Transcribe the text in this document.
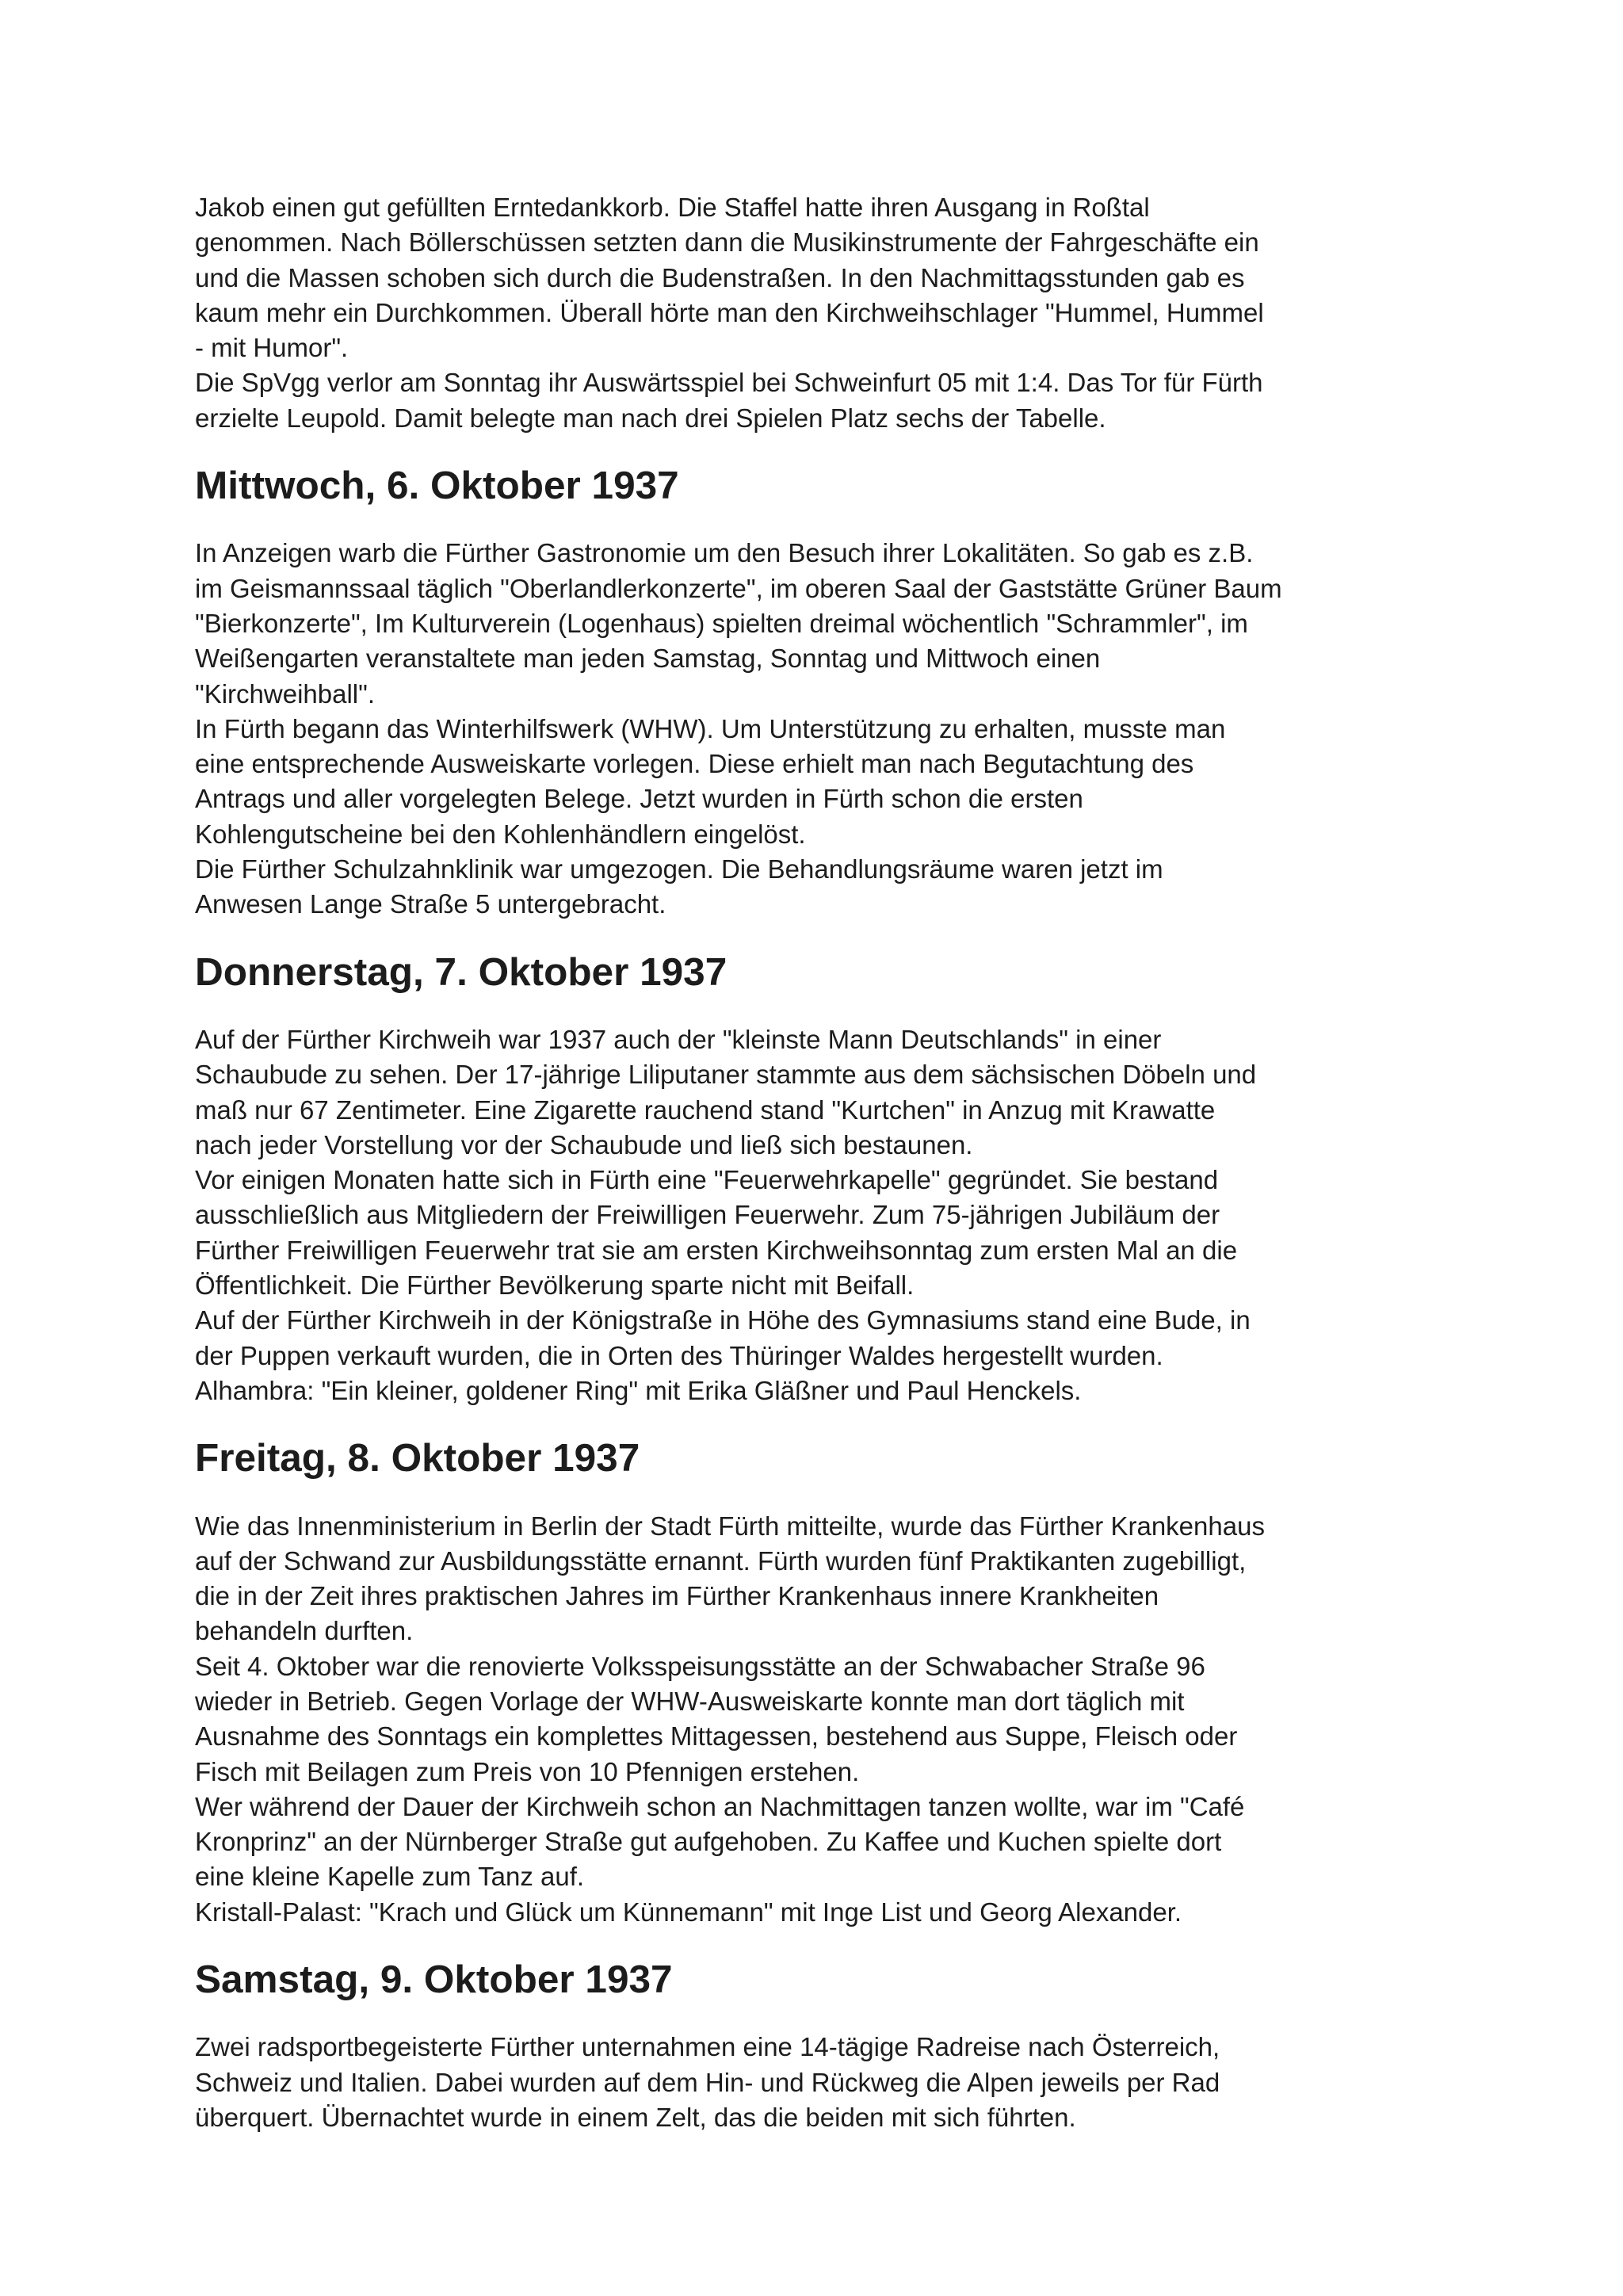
Jakob einen gut gefüllten Erntedankkorb. Die Staffel hatte ihren Ausgang in Roßtal
genommen. Nach Böllerschüssen setzten dann die Musikinstrumente der Fahrgeschäfte ein
und die Massen schoben sich durch die Budenstraßen. In den Nachmittagsstunden gab es
kaum mehr ein Durchkommen. Überall hörte man den Kirchweihschlager "Hummel, Hummel
- mit Humor".

Die SpVgg verlor am Sonntag ihr Auswärtsspiel bei Schweinfurt 05 mit 1:4. Das Tor für Fürth
erzielte Leupold. Damit belegte man nach drei Spielen Platz sechs der Tabelle.

Mittwoch, 6. Oktober 1937

In Anzeigen warb die Fürther Gastronomie um den Besuch ihrer Lokalitäten. So gab es z.B.
im Geismannssaal täglich "Oberlandlerkonzerte", im oberen Saal der Gaststätte Grüner Baum
"Bierkonzerte", Im Kulturverein (Logenhaus) spielten dreimal wöchentlich "Schrammler", im
Weißengarten veranstaltete man jeden Samstag, Sonntag und Mittwoch einen
"Kirchweihball".

In Fürth begann das Winterhilfswerk (WHW). Um Unterstützung zu erhalten, musste man
eine entsprechende Ausweiskarte vorlegen. Diese erhielt man nach Begutachtung des
Antrags und aller vorgelegten Belege. Jetzt wurden in Fürth schon die ersten
Kohlengutscheine bei den Kohlenhändlern eingelöst.

Die Fürther Schulzahnklinik war umgezogen. Die Behandlungsräume waren jetzt im
Anwesen Lange Straße 5 untergebracht.

Donnerstag, 7. Oktober 1937

Auf der Fürther Kirchweih war 1937 auch der "kleinste Mann Deutschlands" in einer
Schaubude zu sehen. Der 17-jährige Liliputaner stammte aus dem sächsischen Döbeln und
maß nur 67 Zentimeter. Eine Zigarette rauchend stand "Kurtchen" in Anzug mit Krawatte
nach jeder Vorstellung vor der Schaubude und ließ sich bestaunen.

Vor einigen Monaten hatte sich in Fürth eine "Feuerwehrkapelle" gegründet. Sie bestand
ausschließlich aus Mitgliedern der Freiwilligen Feuerwehr. Zum 75-jährigen Jubiläum der
Fürther Freiwilligen Feuerwehr trat sie am ersten Kirchweihsonntag zum ersten Mal an die
Öffentlichkeit. Die Fürther Bevölkerung sparte nicht mit Beifall.

Auf der Fürther Kirchweih in der Königstraße in Höhe des Gymnasiums stand eine Bude, in
der Puppen verkauft wurden, die in Orten des Thüringer Waldes hergestellt wurden.

Alhambra: "Ein kleiner, goldener Ring" mit Erika Gläßner und Paul Henckels.

Freitag, 8. Oktober 1937

Wie das Innenministerium in Berlin der Stadt Fürth mitteilte, wurde das Fürther Krankenhaus
auf der Schwand zur Ausbildungsstätte ernannt. Fürth wurden fünf Praktikanten zugebilligt,
die in der Zeit ihres praktischen Jahres im Fürther Krankenhaus innere Krankheiten
behandeln durften.

Seit 4. Oktober war die renovierte Volksspeisungsstätte an der Schwabacher Straße 96
wieder in Betrieb. Gegen Vorlage der WHW-Ausweiskarte konnte man dort täglich mit
Ausnahme des Sonntags ein komplettes Mittagessen, bestehend aus Suppe, Fleisch oder
Fisch mit Beilagen zum Preis von 10 Pfennigen erstehen.

Wer während der Dauer der Kirchweih schon an Nachmittagen tanzen wollte, war im "Café
Kronprinz" an der Nürnberger Straße gut aufgehoben. Zu Kaffee und Kuchen spielte dort
eine kleine Kapelle zum Tanz auf.

Kristall-Palast: "Krach und Glück um Künnemann" mit Inge List und Georg Alexander.

Samstag, 9. Oktober 1937

Zwei radsportbegeisterte Fürther unternahmen eine 14-tägige Radreise nach Österreich,
Schweiz und Italien. Dabei wurden auf dem Hin- und Rückweg die Alpen jeweils per Rad
überquert. Übernachtet wurde in einem Zelt, das die beiden mit sich führten.
